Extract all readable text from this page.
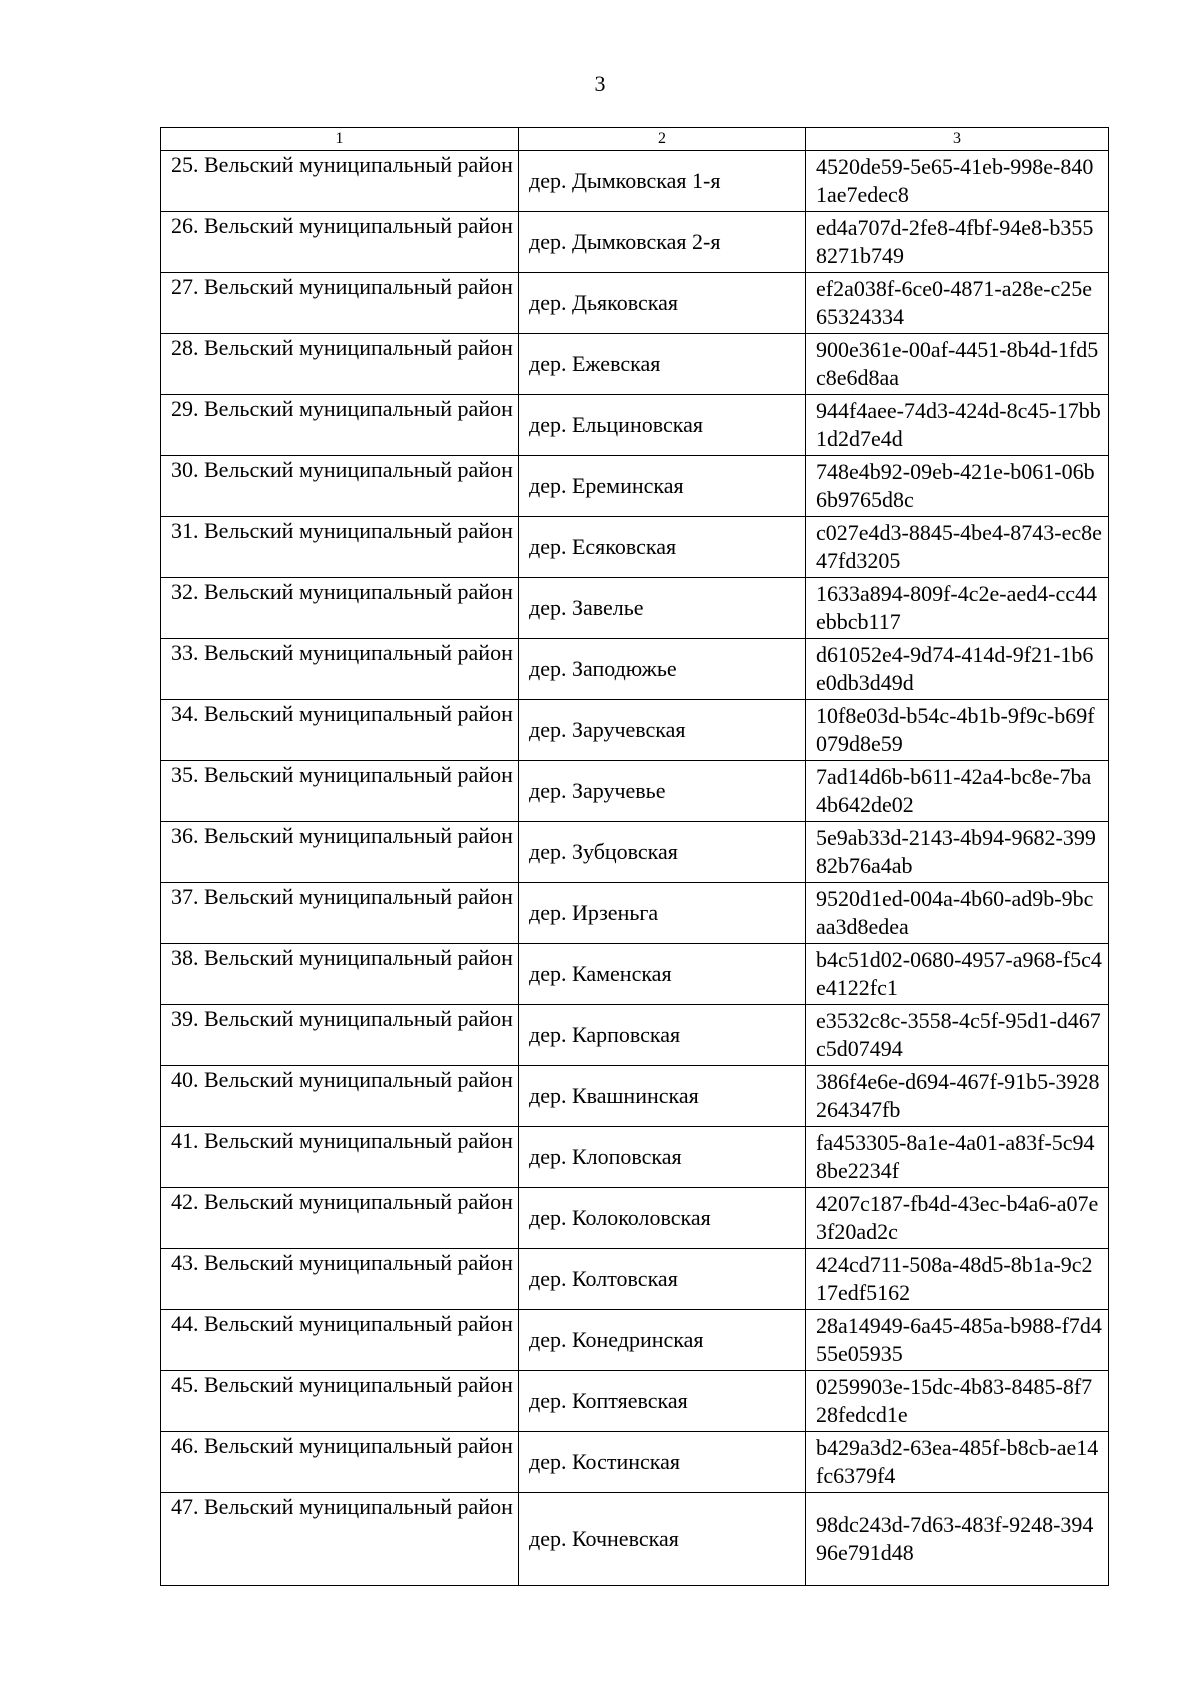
3
1	2	3
25. Вельский муниципальный район	дер. Дымковская 1-я	4520de59-5e65-41eb-998e-8401ae7edec8
26. Вельский муниципальный район	дер. Дымковская 2-я	ed4a707d-2fe8-4fbf-94e8-b3558271b749
27. Вельский муниципальный район	дер. Дьяковская	ef2a038f-6ce0-4871-a28e-c25e65324334
28. Вельский муниципальный район	дер. Ежевская	900e361e-00af-4451-8b4d-1fd5c8e6d8aa
29. Вельский муниципальный район	дер. Ельциновская	944f4aee-74d3-424d-8c45-17bb1d2d7e4d
30. Вельский муниципальный район	дер. Ереминская	748e4b92-09eb-421e-b061-06b6b9765d8c
31. Вельский муниципальный район	дер. Есяковская	c027e4d3-8845-4be4-8743-ec8e47fd3205
32. Вельский муниципальный район	дер. Завелье	1633a894-809f-4c2e-aed4-cc44ebbcb117
33. Вельский муниципальный район	дер. Заподюжье	d61052e4-9d74-414d-9f21-1b6e0db3d49d
34. Вельский муниципальный район	дер. Заручевская	10f8e03d-b54c-4b1b-9f9c-b69f079d8e59
35. Вельский муниципальный район	дер. Заручевье	7ad14d6b-b611-42a4-bc8e-7ba4b642de02
36. Вельский муниципальный район	дер. Зубцовская	5e9ab33d-2143-4b94-9682-39982b76a4ab
37. Вельский муниципальный район	дер. Ирзеньга	9520d1ed-004a-4b60-ad9b-9bcaa3d8edea
38. Вельский муниципальный район	дер. Каменская	b4c51d02-0680-4957-a968-f5c4e4122fc1
39. Вельский муниципальный район	дер. Карповская	e3532c8c-3558-4c5f-95d1-d467c5d07494
40. Вельский муниципальный район	дер. Квашнинская	386f4e6e-d694-467f-91b5-3928264347fb
41. Вельский муниципальный район	дер. Клоповская	fa453305-8a1e-4a01-a83f-5c948be2234f
42. Вельский муниципальный район	дер. Колоколовская	4207c187-fb4d-43ec-b4a6-a07e3f20ad2c
43. Вельский муниципальный район	дер. Колтовская	424cd711-508a-48d5-8b1a-9c217edf5162
44. Вельский муниципальный район	дер. Конедринская	28a14949-6a45-485a-b988-f7d455e05935
45. Вельский муниципальный район	дер. Коптяевская	0259903e-15dc-4b83-8485-8f728fedcd1e
46. Вельский муниципальный район	дер. Костинская	b429a3d2-63ea-485f-b8cb-ae14fc6379f4
47. Вельский муниципальный район	дер. Кочневская	98dc243d-7d63-483f-9248-39496e791d48
